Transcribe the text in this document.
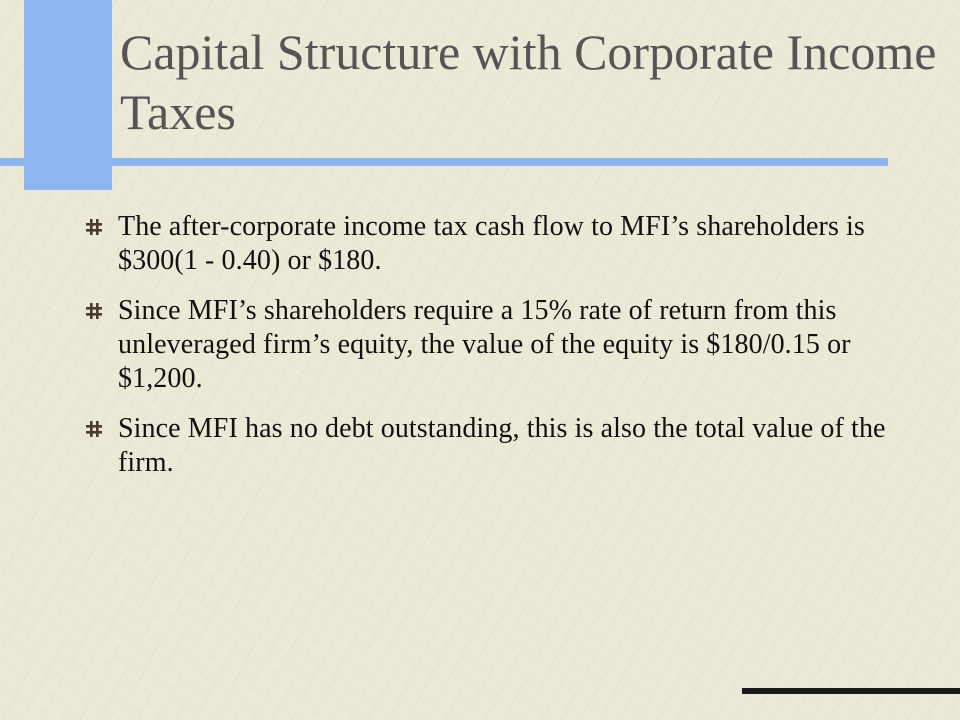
Capital Structure with Corporate Income Taxes
The after-corporate income tax cash flow to MFI’s shareholders is $300(1 - 0.40) or $180.
Since MFI’s shareholders require a 15% rate of return from this unleveraged firm’s equity, the value of the equity is $180/0.15 or $1,200.
Since MFI has no debt outstanding, this is also the total value of the firm.
